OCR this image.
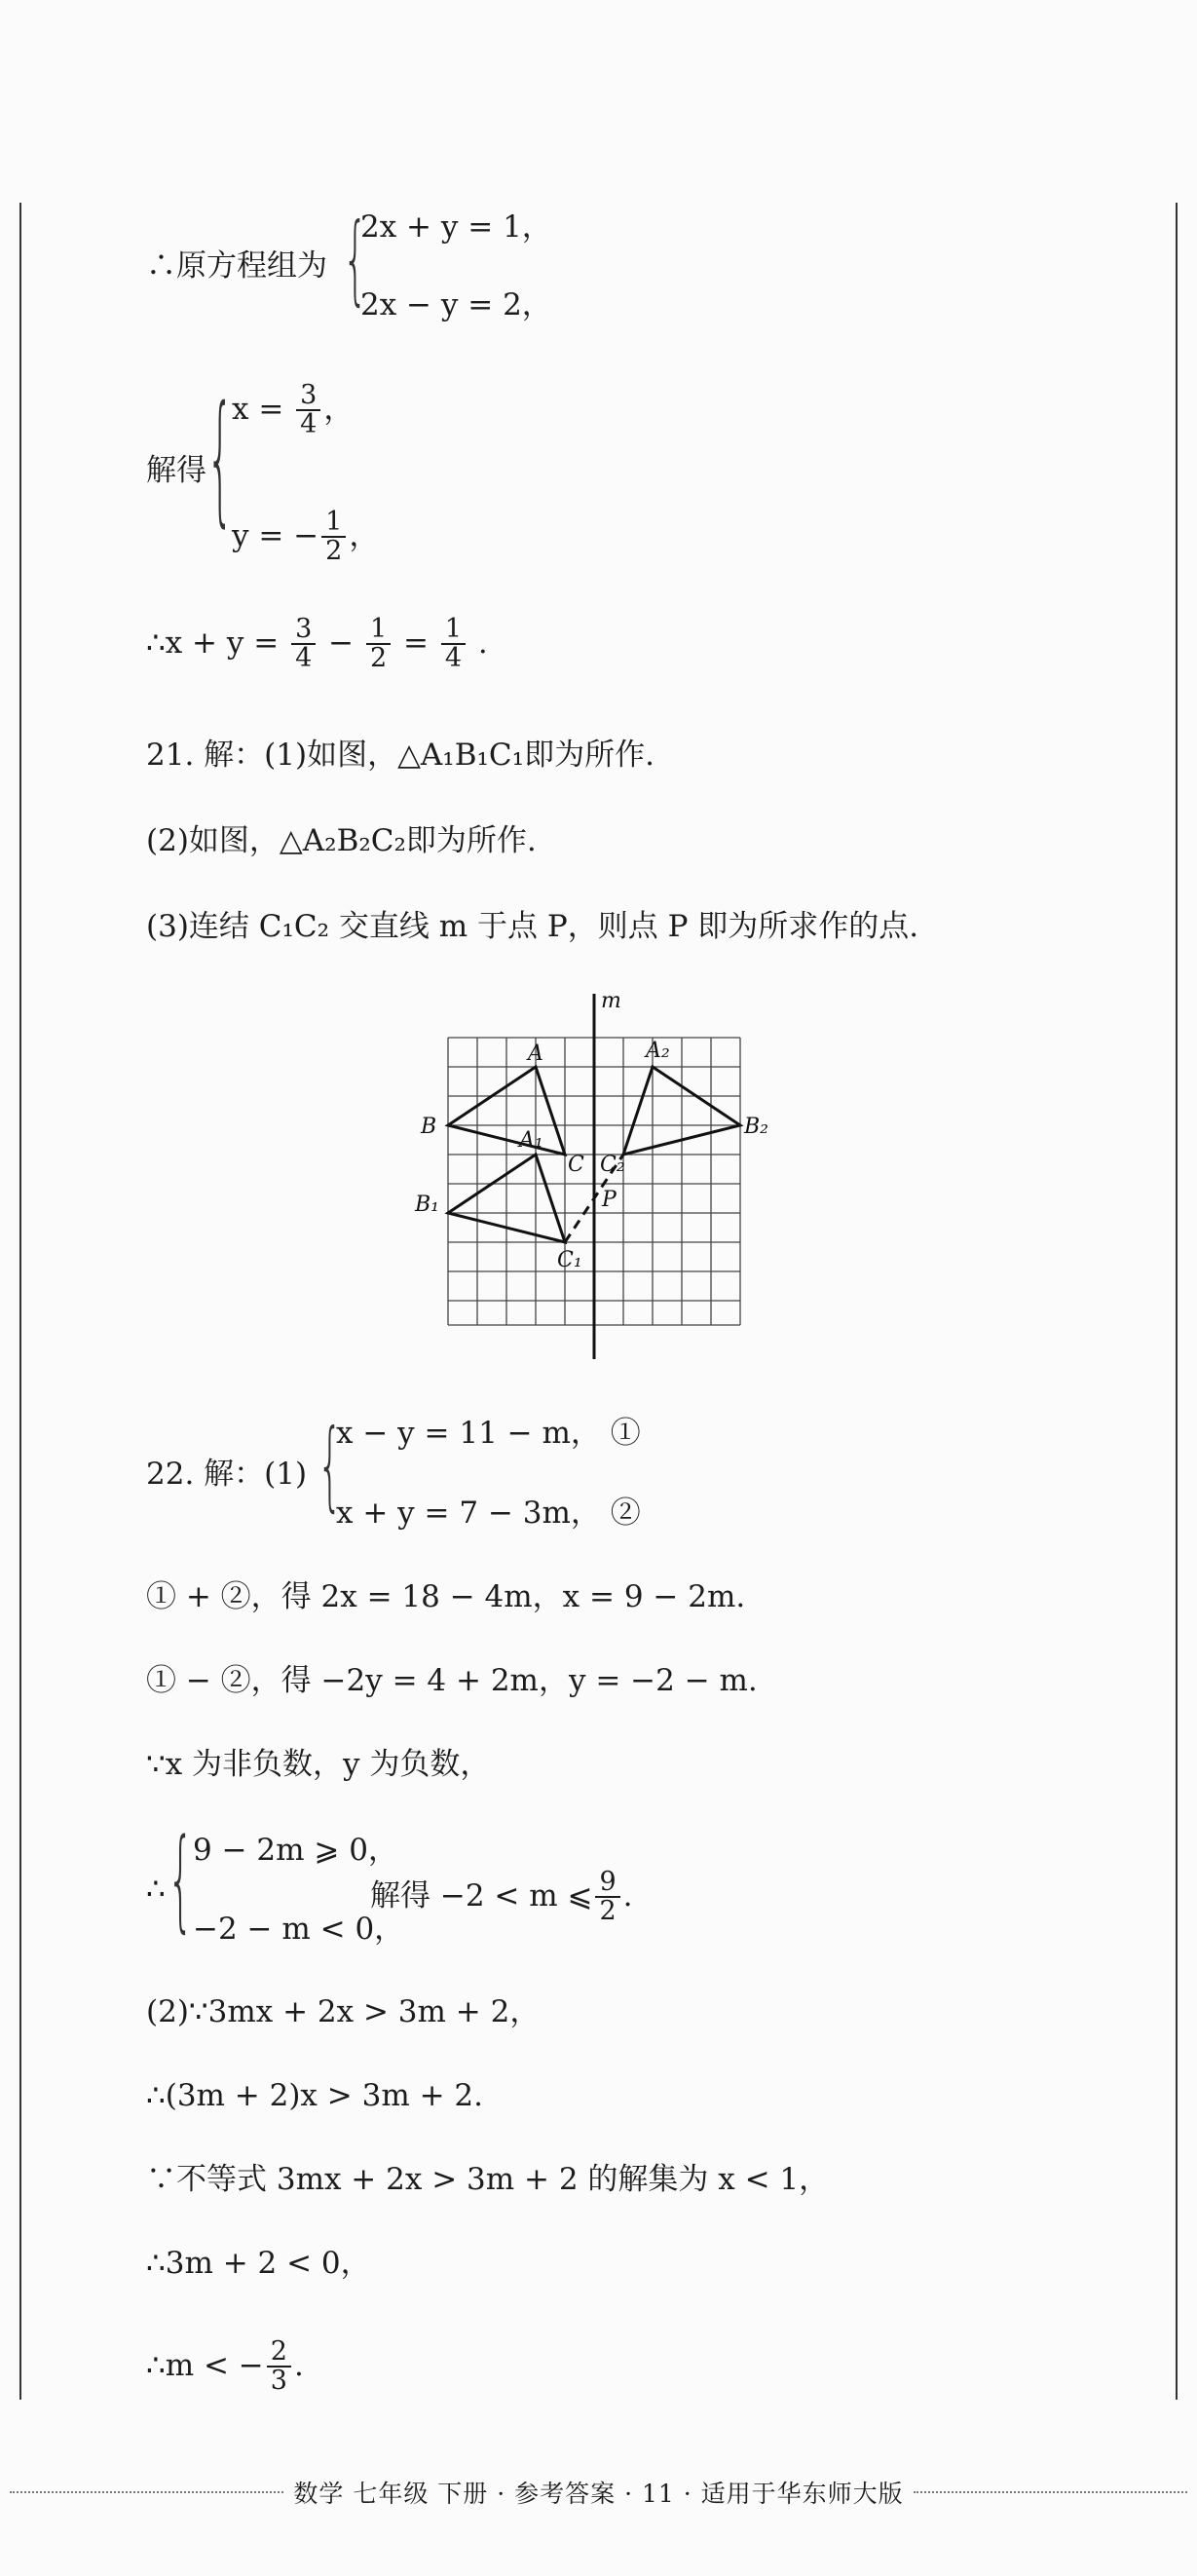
∴原方程组为 {
2x + y = 1，
2x − y = 2，
解得 {
$x = \frac{3}{4}$ ，
y = − $\frac{1}{2}$ ，
∴x + $y = \frac{3}{4} - \frac{1}{2} = \frac{1}{4}$ .
21. 解：(1)如图，△A₁B₁C₁即为所作.
(2)如图，△A₂B₂C₂即为所作.
(3)连结 C₁C₂ 交直线 m 于点 P，则点 P 即为所求作的点.
m
A
B
C
A₁
B₁
C₁
A₂
B₂
C₂
P
22. 解：(1) {
x − y = 11 − m， ①
x + y = 7 − 3m， ②
① + ②，得 2x = 18 − 4m，x = 9 − 2m.
① − ②，得 −2y = 4 + 2m，y = −2 − m.
∵x 为非负数，y 为负数，
∴ { 9 − 2m ⩾ 0，
−2 − m < 0，
解得 −2 < m ⩽ $\frac{9}{2}$ .
(2)∵3mx + 2x > 3m + 2，
∴(3m + 2)x > 3m + 2.
∵不等式 3mx + 2x > 3m + 2 的解集为 x < 1，
∴3m + 2 < 0，
∴m < − $\frac{2}{3}$ .
数学 七年级 下册 · 参考答案 · 11 · 适用于华东师大版
